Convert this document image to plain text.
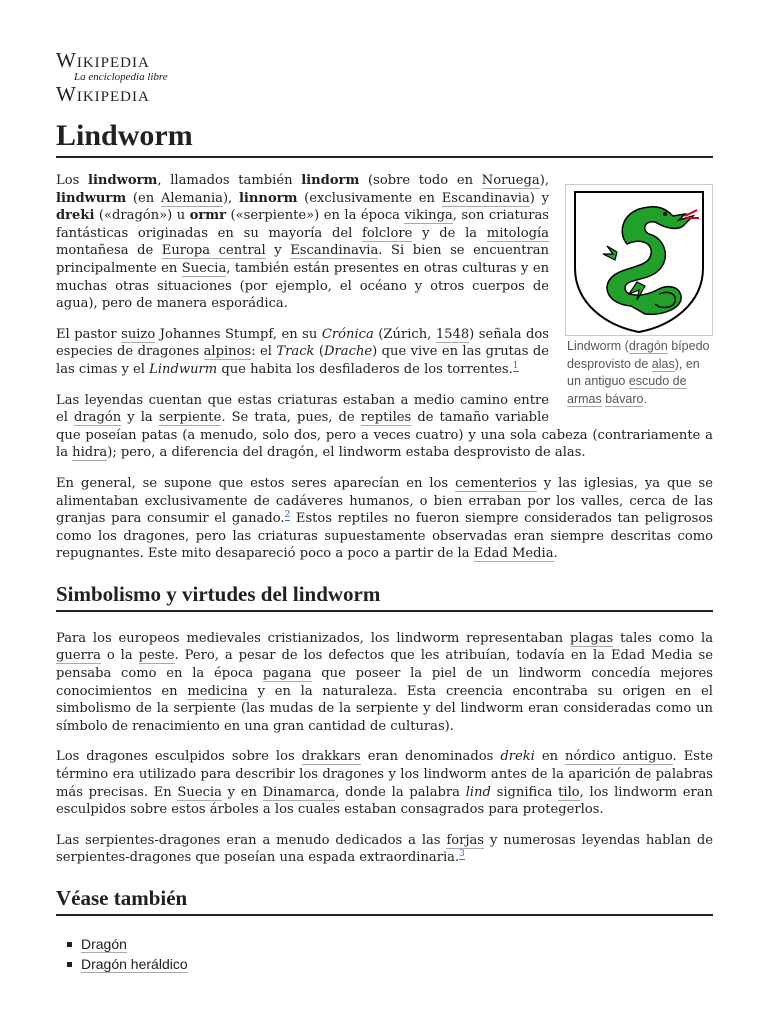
Wikipedia
La enciclopedia libre
Wikipedia
Lindworm
Lindworm (dragón bípedo desprovisto de alas), en un antiguo escudo de armas bávaro.

Los lindworm, llamados también lindorm (sobre todo en Noruega), lindwurm (en Alemania), linnorm (exclusivamente en Escandinavia) y dreki («dragón») u ormr («serpiente») en la época vikinga, son criaturas fantásticas originadas en su mayoría del folclore y de la mitología montañesa de Europa central y Escandinavia. Si bien se encuentran principalmente en Suecia, también están presentes en otras culturas y en muchas otras situaciones (por ejemplo, el océano y otros cuerpos de agua), pero de manera esporádica.

El pastor suizo Johannes Stumpf, en su Crónica (Zúrich, 1548) señala dos especies de dragones alpinos: el Track (Drache) que vive en las grutas de las cimas y el Lindwurm que habita los desfiladeros de los torrentes.$^1$

Las leyendas cuentan que estas criaturas estaban a medio camino entre el dragón y la serpiente. Se trata, pues, de reptiles de tamaño variable que poseían patas (a menudo, solo dos, pero a veces cuatro) y una sola cabeza (contrariamente a la hidra); pero, a diferencia del dragón, el lindworm estaba desprovisto de alas.

En general, se supone que estos seres aparecían en los cementerios y las iglesias, ya que se alimentaban exclusivamente de cadáveres humanos, o bien erraban por los valles, cerca de las granjas para consumir el ganado.$^2$ Estos reptiles no fueron siempre considerados tan peligrosos como los dragones, pero las criaturas supuestamente observadas eran siempre descritas como repugnantes. Este mito desapareció poco a poco a partir de la Edad Media.

Simbolismo y virtudes del lindworm

Para los europeos medievales cristianizados, los lindworm representaban plagas tales como la guerra o la peste. Pero, a pesar de los defectos que les atribuían, todavía en la Edad Media se pensaba como en la época pagana que poseer la piel de un lindworm concedía mejores conocimientos en medicina y en la naturaleza. Esta creencia encontraba su origen en el simbolismo de la serpiente (las mudas de la serpiente y del lindworm eran consideradas como un símbolo de renacimiento en una gran cantidad de culturas).

Los dragones esculpidos sobre los drakkars eran denominados dreki en nórdico antiguo. Este término era utilizado para describir los dragones y los lindworm antes de la aparición de palabras más precisas. En Suecia y en Dinamarca, donde la palabra lind significa tilo, los lindworm eran esculpidos sobre estos árboles a los cuales estaban consagrados para protegerlos.

Las serpientes-dragones eran a menudo dedicados a las forjas y numerosas leyendas hablan de serpientes-dragones que poseían una espada extraordinaria.$^3$

Véase también
Dragón
Dragón heráldico
